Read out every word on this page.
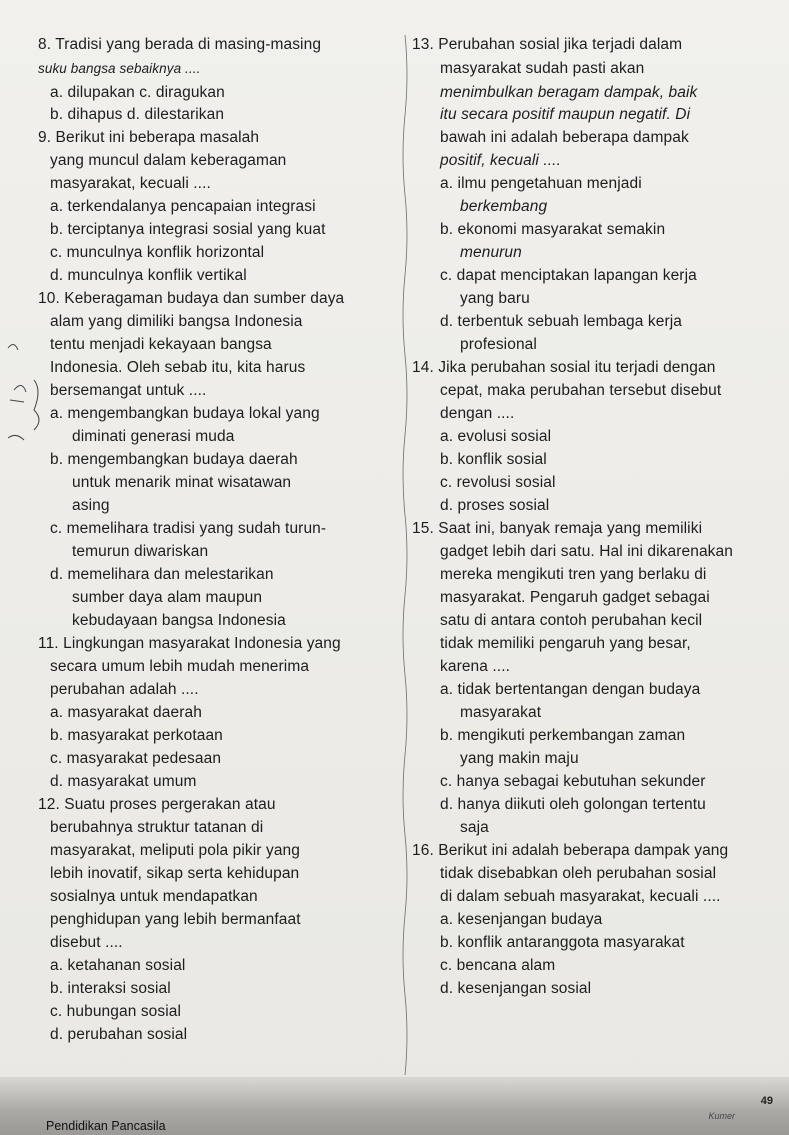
8. Tradisi yang berada di masing-masing
suku bangsa sebaiknya ....
a. dilupakan c. diragukan
b. dihapus d. dilestarikan
9. Berikut ini beberapa masalah
yang muncul dalam keberagaman
masyarakat, kecuali ....
a. terkendalanya pencapaian integrasi
b. terciptanya integrasi sosial yang kuat
c. munculnya konflik horizontal
d. munculnya konflik vertikal
10. Keberagaman budaya dan sumber daya
alam yang dimiliki bangsa Indonesia
tentu menjadi kekayaan bangsa
Indonesia. Oleh sebab itu, kita harus
bersemangat untuk ....
a. mengembangkan budaya lokal yang
diminati generasi muda
b. mengembangkan budaya daerah
untuk menarik minat wisatawan
asing
c. memelihara tradisi yang sudah turun-
temurun diwariskan
d. memelihara dan melestarikan
sumber daya alam maupun
kebudayaan bangsa Indonesia
11. Lingkungan masyarakat Indonesia yang
secara umum lebih mudah menerima
perubahan adalah ....
a. masyarakat daerah
b. masyarakat perkotaan
c. masyarakat pedesaan
d. masyarakat umum
12. Suatu proses pergerakan atau
berubahnya struktur tatanan di
masyarakat, meliputi pola pikir yang
lebih inovatif, sikap serta kehidupan
sosialnya untuk mendapatkan
penghidupan yang lebih bermanfaat
disebut ....
a. ketahanan sosial
b. interaksi sosial
c. hubungan sosial
d. perubahan sosial
13. Perubahan sosial jika terjadi dalam
masyarakat sudah pasti akan
menimbulkan beragam dampak, baik
itu secara positif maupun negatif. Di
bawah ini adalah beberapa dampak
positif, kecuali ....
a. ilmu pengetahuan menjadi
berkembang
b. ekonomi masyarakat semakin
menurun
c. dapat menciptakan lapangan kerja
yang baru
d. terbentuk sebuah lembaga kerja
profesional
14. Jika perubahan sosial itu terjadi dengan
cepat, maka perubahan tersebut disebut
dengan ....
a. evolusi sosial
b. konflik sosial
c. revolusi sosial
d. proses sosial
15. Saat ini, banyak remaja yang memiliki
gadget lebih dari satu. Hal ini dikarenakan
mereka mengikuti tren yang berlaku di
masyarakat. Pengaruh gadget sebagai
satu di antara contoh perubahan kecil
tidak memiliki pengaruh yang besar,
karena ....
a. tidak bertentangan dengan budaya
masyarakat
b. mengikuti perkembangan zaman
yang makin maju
c. hanya sebagai kebutuhan sekunder
d. hanya diikuti oleh golongan tertentu
saja
16. Berikut ini adalah beberapa dampak yang
tidak disebabkan oleh perubahan sosial
di dalam sebuah masyarakat, kecuali ....
a. kesenjangan budaya
b. konflik antaranggota masyarakat
c. bencana alam
d. kesenjangan sosial
Pendidikan Pancasila
Kumer
49
